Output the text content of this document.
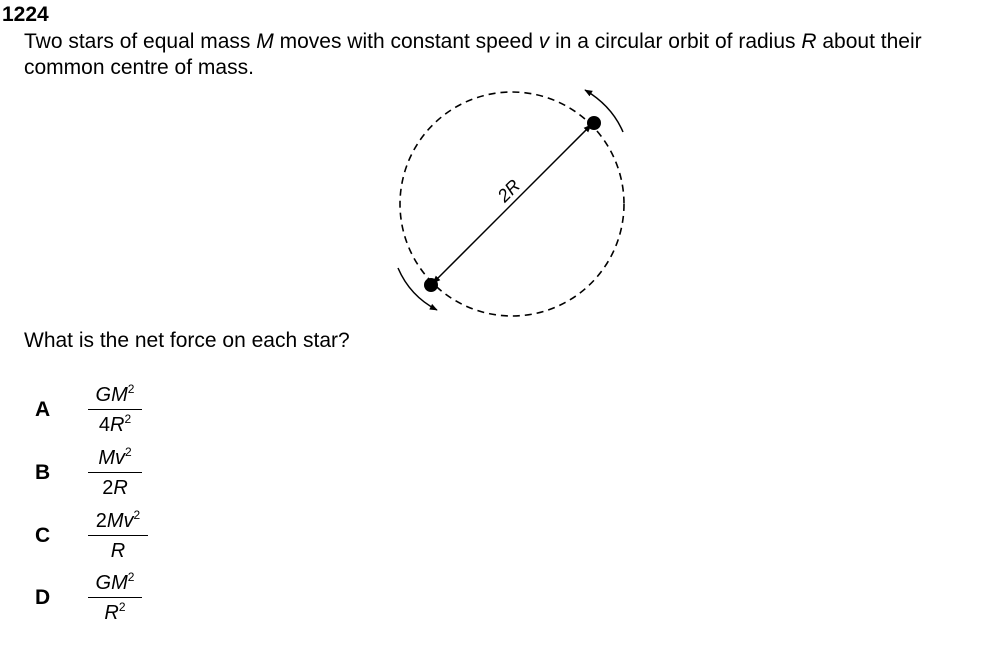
1224
Two stars of equal mass M moves with constant speed v in a circular orbit of radius R about their
common centre of mass.
2R
What is the net force on each star?
A $\frac{GM^2}{4R^2}$
B $\frac{Mv^2}{2R}$
C $\frac{2Mv^2}{R}$
D $\frac{GM^2}{R^2}$
